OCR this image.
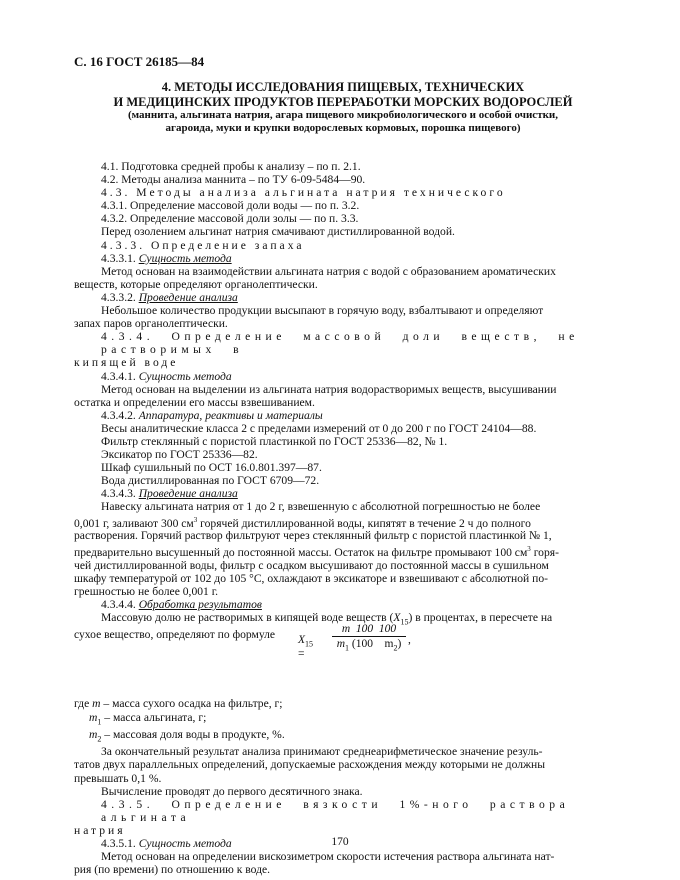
С. 16 ГОСТ 26185—84
4. МЕТОДЫ ИССЛЕДОВАНИЯ ПИЩЕВЫХ, ТЕХНИЧЕСКИХ
И МЕДИЦИНСКИХ ПРОДУКТОВ ПЕРЕРАБОТКИ МОРСКИХ ВОДОРОСЛЕЙ
(маннита, альгината натрия, агара пищевого микробиологического и особой очистки,
агароида, муки и крупки водорослевых кормовых, порошка пищевого)

4.1. Подготовка средней пробы к анализу – по п. 2.1.

4.2. Методы анализа маннита – по ТУ 6-09-5484—90.

4.3. Методы анализа альгината натрия технического

4.3.1. Определение массовой доли воды — по п. 3.2.

4.3.2. Определение массовой доли золы — по п. 3.3.

Перед озолением альгинат натрия смачивают дистиллированной водой.

4.3.3. Определение запаха

4.3.3.1. Сущность метода

Метод основан на взаимодействии альгината натрия с водой с образованием ароматических

веществ, которые определяют органолептически.

4.3.3.2. Проведение анализа

Небольшое количество продукции высыпают в горячую воду, взбалтывают и определяют

запах паров органолептически.

4.3.4. Определение массовой доли веществ, не растворимых в

кипящей воде

4.3.4.1. Сущность метода

Метод основан на выделении из альгината натрия водорастворимых веществ, высушивании

остатка и определении его массы взвешиванием.

4.3.4.2. Аппаратура, реактивы и материалы

Весы аналитические класса 2 с пределами измерений от 0 до 200 г по ГОСТ 24104—88.

Фильтр стеклянный с пористой пластинкой по ГОСТ 25336—82, № 1.

Эксикатор по ГОСТ 25336—82.

Шкаф сушильный по ОСТ 16.0.801.397—87.

Вода дистиллированная по ГОСТ 6709—72.

4.3.4.3. Проведение анализа

Навеску альгината натрия от 1 до 2 г, взвешенную с абсолютной погрешностью не более

0,001 г, заливают 300 $см^3$ горячей дистиллированной воды, кипятят в течение 2 ч до полного

растворения. Горячий раствор фильтруют через стеклянный фильтр с пористой пластинкой № 1,

предварительно высушенный до постоянной массы. Остаток на фильтре промывают 100 $см^3$ горя-

чей дистиллированной воды, фильтр с осадком высушивают до постоянной массы в сушильном

шкафу температурой от 102 до 105 °С, охлаждают в эксикаторе и взвешивают с абсолютной по-

грешностью не более 0,001 г.

4.3.4.4. Обработка результатов

Массовую долю не растворимых в кипящей воде веществ $(X_{15})$ в процентах, в пересчете на

сухое вещество, определяют по формуле

где m – масса сухого осадка на фильтре, г;

$m_1$ – масса альгината, г;

$m_2$ – массовая доля воды в продукте, %.

За окончательный результат анализа принимают среднеарифметическое значение резуль-

татов двух параллельных определений, допускаемые расхождения между которыми не должны

превышать 0,1 %.

Вычисление проводят до первого десятичного знака.

4.3.5. Определение вязкости 1%-ного раствора альгината

натрия

4.3.5.1. Сущность метода

Метод основан на определении вискозиметром скорости истечения раствора альгината нат-

рия (по времени) по отношению к воде.

$X_{15}$ =
$\frac{m 100 100}{m_1 (100 m_2)}$ ,
170
